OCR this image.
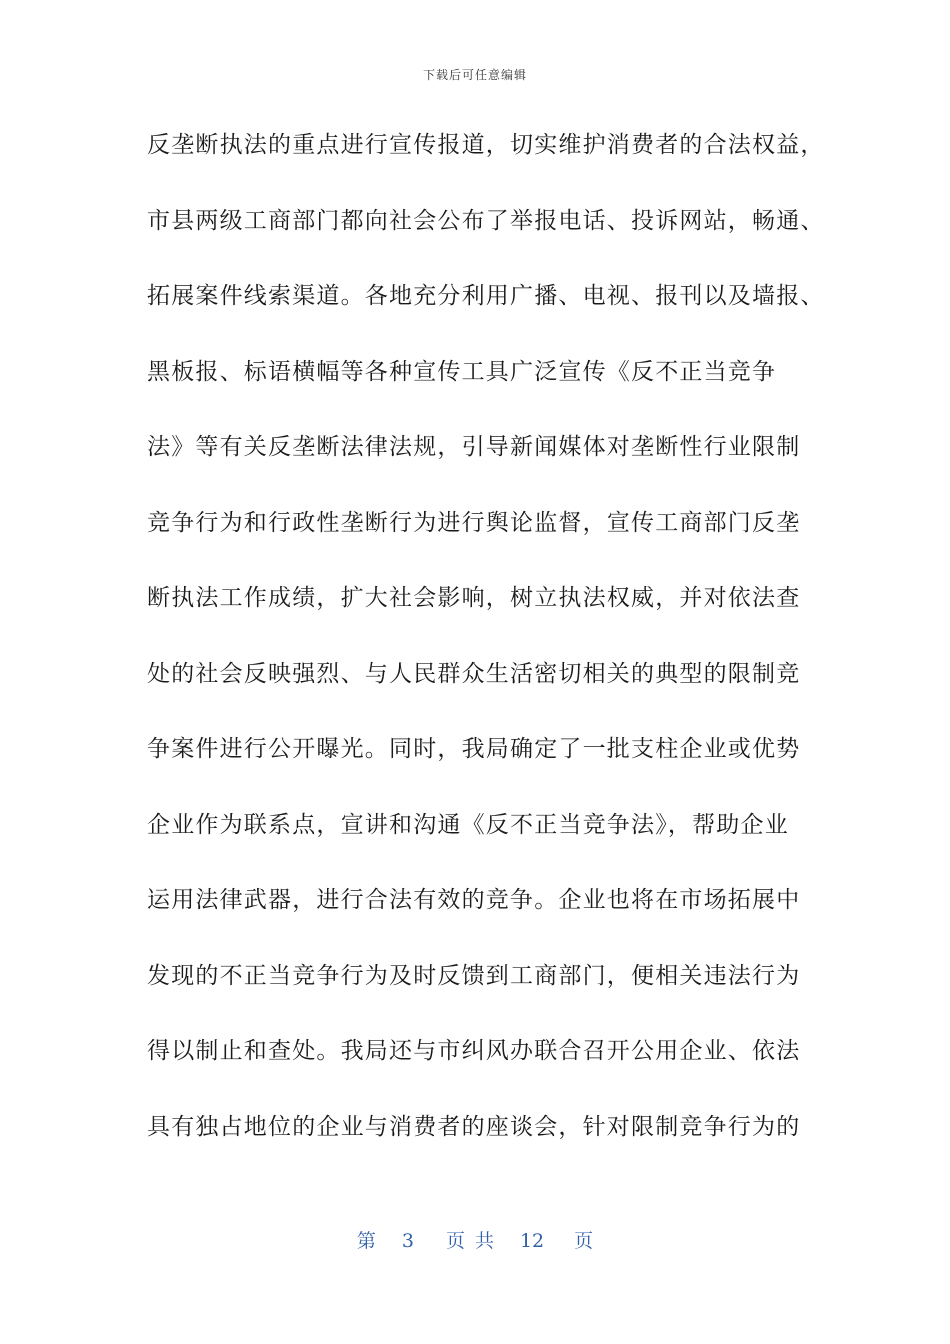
下载后可任意编辑
反垄断执法的重点进行宣传报道，切实维护消费者的合法权益，
市县两级工商部门都向社会公布了举报电话、投诉网站，畅通、
拓展案件线索渠道。各地充分利用广播、电视、报刊以及墙报、
黑板报、标语横幅等各种宣传工具广泛宣传《反不正当竞争
法》等有关反垄断法律法规，引导新闻媒体对垄断性行业限制
竞争行为和行政性垄断行为进行舆论监督，宣传工商部门反垄
断执法工作成绩，扩大社会影响，树立执法权威，并对依法查
处的社会反映强烈、与人民群众生活密切相关的典型的限制竞
争案件进行公开曝光。同时，我局确定了一批支柱企业或优势
企业作为联系点，宣讲和沟通《反不正当竞争法》，帮助企业
运用法律武器，进行合法有效的竞争。企业也将在市场拓展中
发现的不正当竞争行为及时反馈到工商部门，便相关违法行为
得以制止和查处。我局还与市纠风办联合召开公用企业、依法
具有独占地位的企业与消费者的座谈会，针对限制竞争行为的
第 3 页 共 12 页
